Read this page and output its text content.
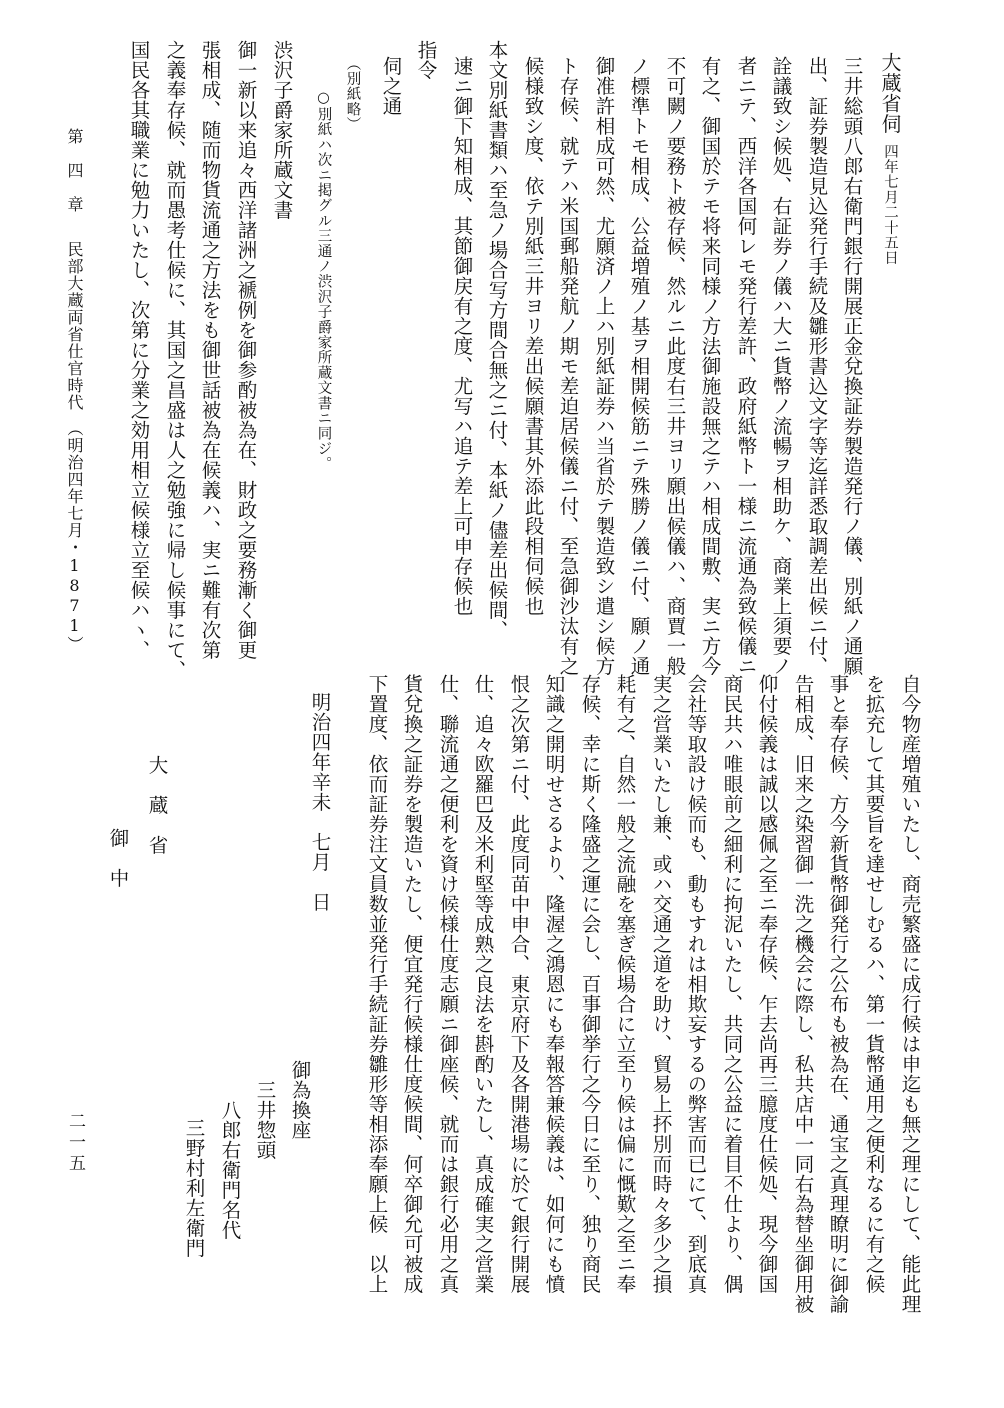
大蔵省伺四年七月二十五日
三井総頭八郎右衛門銀行開展正金兌換証券製造発行ノ儀、別紙ノ通願
出、証券製造見込発行手続及雛形書込文字等迄詳悉取調差出候ニ付、
詮議致シ候処、右証券ノ儀ハ大ニ貨幣ノ流暢ヲ相助ケ、商業上須要ノ
者ニテ、西洋各国何レモ発行差許、政府紙幣ト一様ニ流通為致候儀ニ
有之、御国於テモ将来同様ノ方法御施設無之テハ相成間敷、実ニ方今
不可闕ノ要務ト被存候、然ルニ此度右三井ヨリ願出候儀ハ、商賈一般
ノ標準トモ相成、公益増殖ノ基ヲ相開候筋ニテ殊勝ノ儀ニ付、願ノ通
御准許相成可然、尤願済ノ上ハ別紙証券ハ当省於テ製造致シ遣シ候方
ト存候、就テハ米国郵船発航ノ期モ差迫居候儀ニ付、至急御沙汰有之
候様致シ度、依テ別紙三井ヨリ差出候願書其外添此段相伺候也
本文別紙書類ハ至急ノ場合写方間合無之ニ付、本紙ノ儘差出候間、
速ニ御下知相成、其節御戻有之度、尤写ハ追テ差上可申存候也
指令
伺之通
（別紙略）
○別紙ハ次ニ掲グル三通ノ渋沢子爵家所蔵文書ニ同ジ。
渋沢子爵家所蔵文書
御一新以来追々西洋諸洲之褫例を御参酌被為在、財政之要務漸く御更
張相成、随而物貨流通之方法をも御世話被為在候義ハ、実ニ難有次第
之義奉存候、就而愚考仕候に、其国之昌盛は人之勉強に帰し候事にて、
国民各其職業に勉力いたし、次第に分業之効用相立候様立至候ハヽ、
第　四　章民部大蔵両省仕官時代　（明治四年七月・1871）
自今物産増殖いたし、商売繁盛に成行候は申迄も無之理にして、能此理
を拡充して其要旨を達せしむるハ、第一貨幣通用之便利なるに有之候
事と奉存候、方今新貨幣御発行之公布も被為在、通宝之真理瞭明に御諭
告相成、旧来之染習御一洗之機会に際し、私共店中一同右為替坐御用被
仰付候義は誠以感佩之至ニ奉存候、乍去尚再三臆度仕候処、現今御国
商民共ハ唯眼前之細利に拘泥いたし、共同之公益に着目不仕より、偶
会社等取設け候而も、動もすれは相欺妄するの弊害而已にて、到底真
実之営業いたし兼、或ハ交通之道を助け、貿易上抔別而時々多少之損
耗有之、自然一般之流融を塞ぎ候場合に立至り候は偏に慨歎之至ニ奉
存候、幸に斯く隆盛之運に会し、百事御挙行之今日に至り、独り商民
知識之開明せさるより、隆渥之鴻恩にも奉報答兼候義は、如何にも憤
恨之次第ニ付、此度同苗中申合、東京府下及各開港場に於て銀行開展
仕、追々欧羅巴及米利堅等成熟之良法を斟酌いたし、真成確実之営業
仕、聯流通之便利を資け候様仕度志願ニ御座候、就而は銀行必用之真
貨兌換之証券を製造いたし、便宜発行候様仕度候間、何卒御允可被成
下置度、依而証券注文員数並発行手続証券雛形等相添奉願上候　以上
明治四年辛未　七月　日
御為換座
三井惣頭
八郎右衛門名代
三野村利左衛門
大　蔵　省
御　中
二一五
